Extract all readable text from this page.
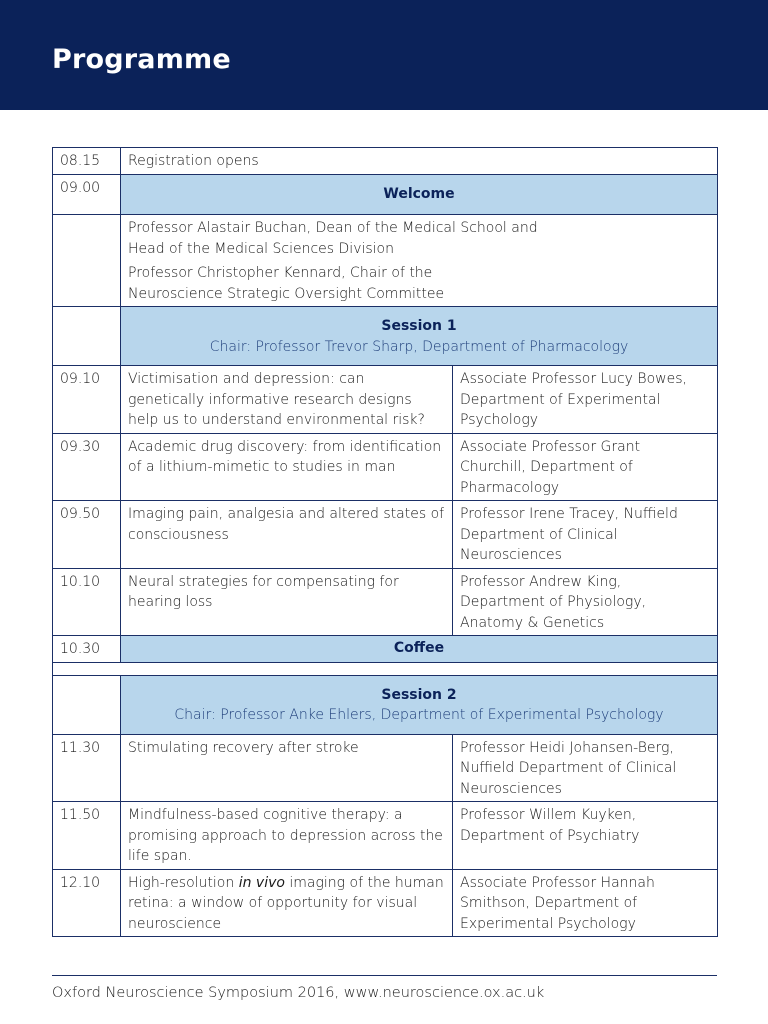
Programme
08.15	Registration opens	
09.00	Welcome	

	Professor Alastair Buchan, Dean of the Medical School and Head of the Medical Sciences Division
Professor Christopher Kennard, Chair of the Neuroscience Strategic Oversight Committee	

	Session 1
Chair: Professor Trevor Sharp, Department of Pharmacology	

09.10	Victimisation and depression: can genetically informative research designs help us to understand environmental risk?	Associate Professor Lucy Bowes, Department of Experimental Psychology
09.30	Academic drug discovery: from identification of a lithium-mimetic to studies in man	Associate Professor Grant Churchill, Department of Pharmacology
09.50	Imaging pain, analgesia and altered states of consciousness	Professor Irene Tracey, Nuffield Department of Clinical Neurosciences
10.10	Neural strategies for compensating for hearing loss	Professor Andrew King, Department of Physiology, Anatomy & Genetics
10.30	Coffee	

	Session 2
Chair: Professor Anke Ehlers, Department of Experimental Psychology	

11.30	Stimulating recovery after stroke	Professor Heidi Johansen-Berg, Nuffield Department of Clinical Neurosciences
11.50	Mindfulness-based cognitive therapy: a promising approach to depression across the life span.	Professor Willem Kuyken, Department of Psychiatry
12.10	High-resolution in vivo imaging of the human retina: a window of opportunity for visual neuroscience	Associate Professor Hannah Smithson, Department of Experimental Psychology
Oxford Neuroscience Symposium 2016, www.neuroscience.ox.ac.uk
